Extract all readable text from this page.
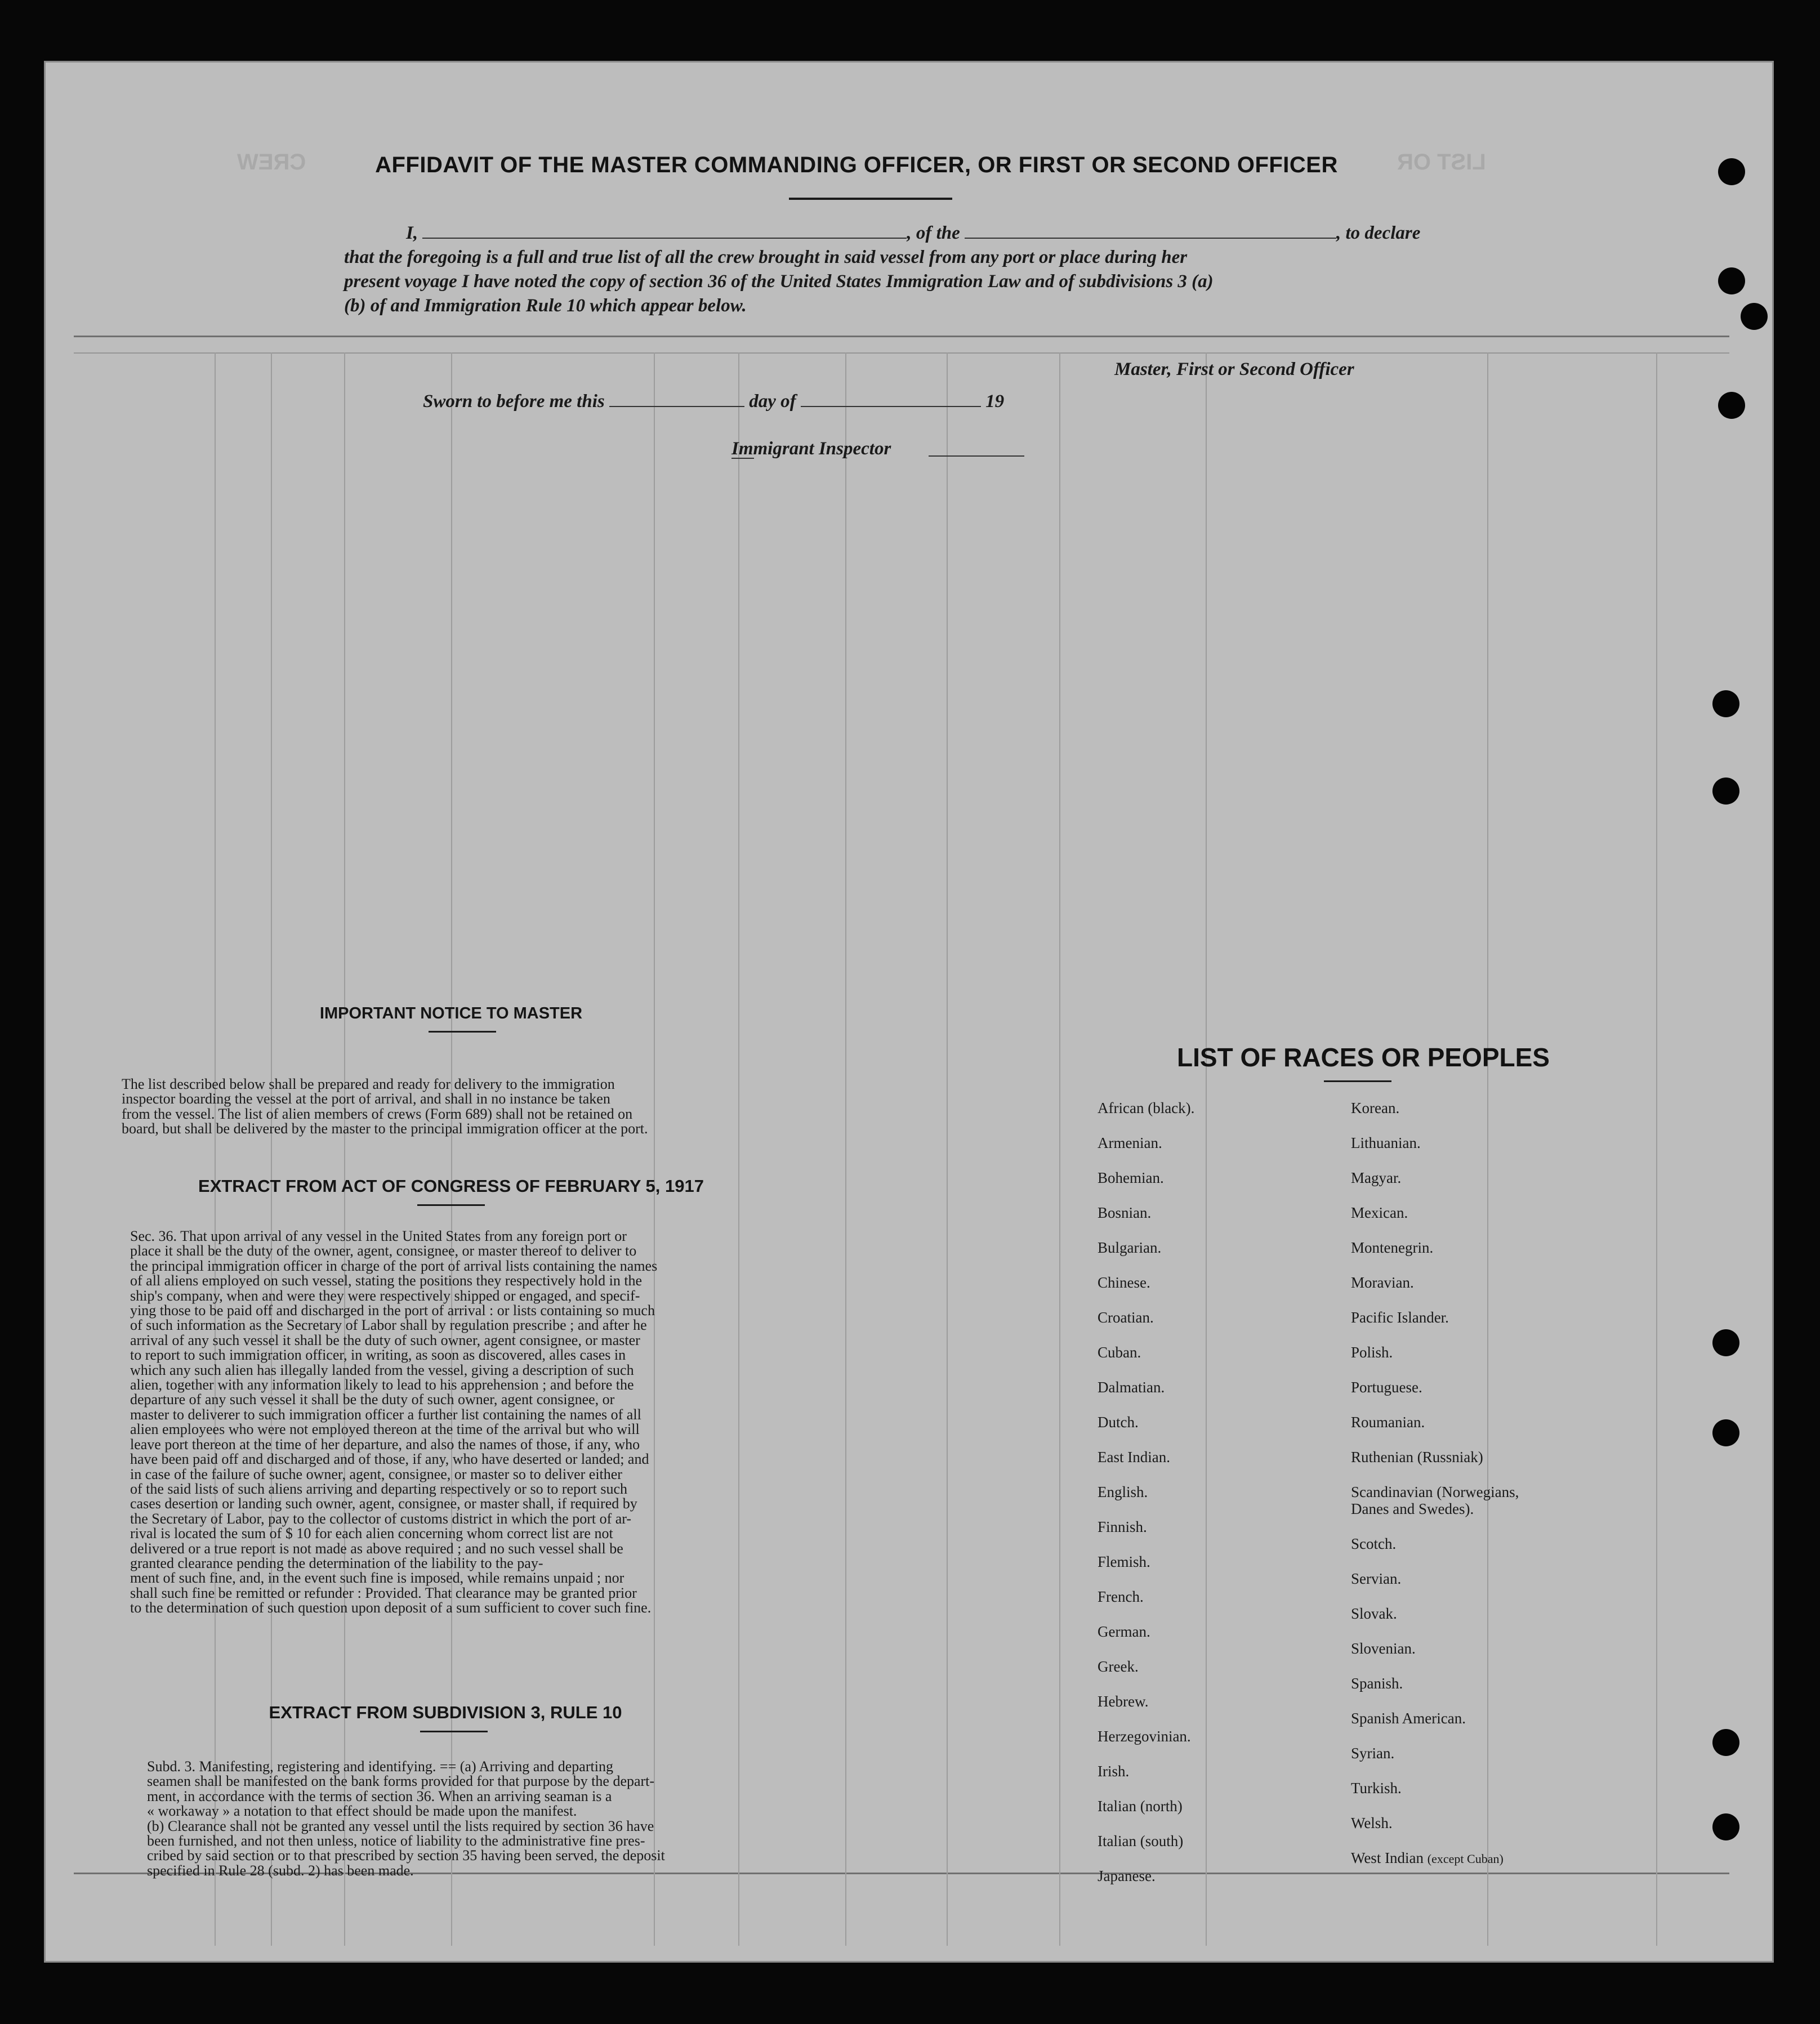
LIST OR
CREW	AFFIDAVIT OF THE MASTER COMMANDING OFFICER, OR FIRST OR SECOND OFFICER
I,	, of the	, to declare
that the foregoing is a full and true list of all the crew brought in said vessel from any port or place during her
present voyage I have noted the copy of section 36 of the United States Immigration Law and of subdivisions 3 (a)
(b) of and Immigration Rule 10 which appear below.
Master, First or Second Officer
Sworn to before me this	day of	19
Immigrant Inspector
IMPORTANT NOTICE TO MASTER
The list described below shall be prepared and ready for delivery to the immigration
inspector boarding the vessel at the port of arrival, and shall in no instance be taken
from the vessel. The list of alien members of crews (Form 689) shall not be retained on
board, but shall be delivered by the master to the principal immigration officer at the port.
EXTRACT FROM ACT OF CONGRESS OF FEBRUARY 5, 1917
Sec. 36. That upon arrival of any vessel in the United States from any foreign port or
place it shall be the duty of the owner, agent, consignee, or master thereof to deliver to
the principal immigration officer in charge of the port of arrival lists containing the names
of all aliens employed on such vessel, stating the positions they respectively hold in the
ship's company, when and were they were respectively shipped or engaged, and specif-
ying those to be paid off and discharged in the port of arrival : or lists containing so much
of such information as the Secretary of Labor shall by regulation prescribe ; and after he
arrival of any such vessel it shall be the duty of such owner, agent consignee, or master
to report to such immigration officer, in writing, as soon as discovered, alles cases in
which any such alien has illegally landed from the vessel, giving a description of such
alien, together with any information likely to lead to his apprehension ; and before the
departure of any such vessel it shall be the duty of such owner, agent consignee, or
master to deliverer to such immigration officer a further list containing the names of all
alien employees who were not employed thereon at the time of the arrival but who will
leave port thereon at the time of her departure, and also the names of those, if any, who
have been paid off and discharged and of those, if any, who have deserted or landed; and
in case of the failure of suche owner, agent, consignee, or master so to deliver either
of the said lists of such aliens arriving and departing respectively or so to report such
cases desertion or landing such owner, agent, consignee, or master shall, if required by
the Secretary of Labor, pay to the collector of customs district in which the port of ar-
rival is located the sum of $ 10 for each alien concerning whom correct list are not
delivered or a true report is not made as above required ; and no such vessel shall be
granted clearance pending the determination of the liability to the pay-
ment of such fine, and, in the event such fine is imposed, while remains unpaid ; nor
shall such fine be remitted or refunder : Provided. That clearance may be granted prior
to the determination of such question upon deposit of a sum sufficient to cover such fine.
EXTRACT FROM SUBDIVISION 3, RULE 10
Subd. 3. Manifesting, registering and identifying. == (a) Arriving and departing
seamen shall be manifested on the bank forms provided for that purpose by the depart-
ment, in accordance with the terms of section 36. When an arriving seaman is a
« workaway » a notation to that effect should be made upon the manifest.
(b) Clearance shall not be granted any vessel until the lists required by section 36 have
been furnished, and not then unless, notice of liability to the administrative fine pres-
cribed by said section or to that prescribed by section 35 having been served, the deposit
specified in Rule 28 (subd. 2) has been made.
LIST OF RACES OR PEOPLES
African (black).
Armenian.
Bohemian.
Bosnian.
Bulgarian.
Chinese.
Croatian.
Cuban.
Dalmatian.
Dutch.
East Indian.
English.
Finnish.
Flemish.
French.
German.
Greek.
Hebrew.
Herzegovinian.
Irish.
Italian (north)
Italian (south)
Japanese.
Korean.
Lithuanian.
Magyar.
Mexican.
Montenegrin.
Moravian.
Pacific Islander.
Polish.
Portuguese.
Roumanian.
Ruthenian (Russniak)
Scandinavian (Norwegians,
Danes and Swedes).
Scotch.
Servian.
Slovak.
Slovenian.
Spanish.
Spanish American.
Syrian.
Turkish.
Welsh.
West Indian (except Cuban)
